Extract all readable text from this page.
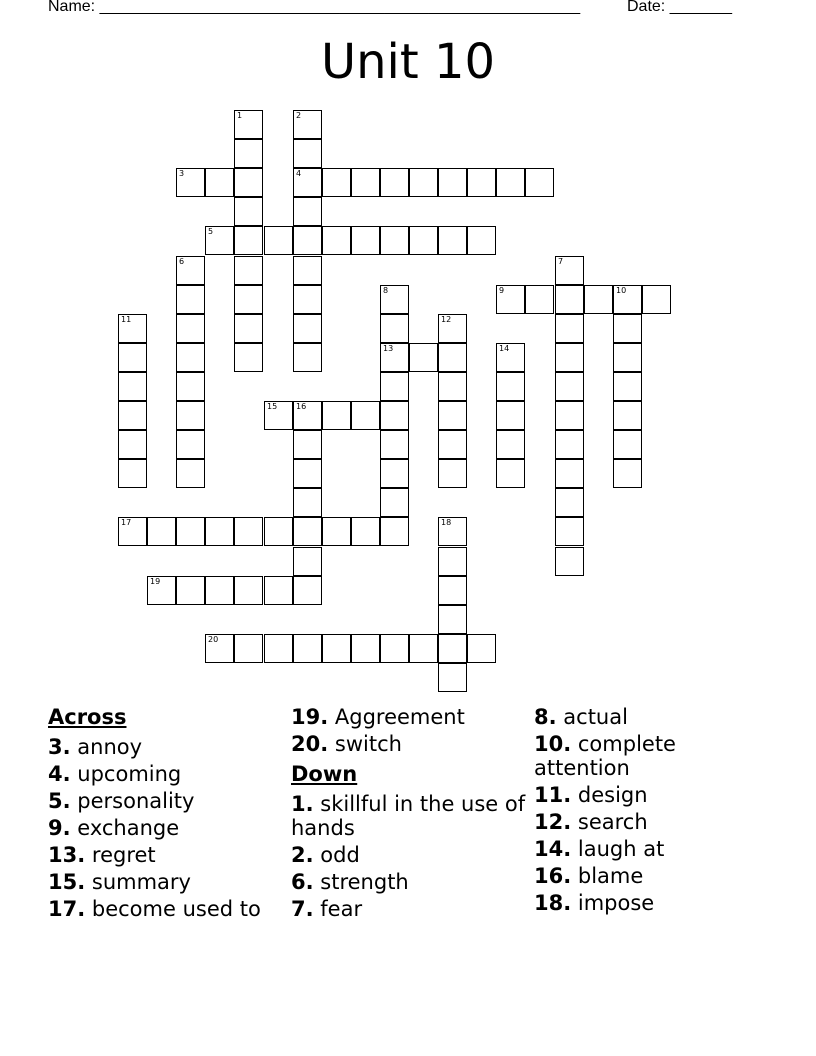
Name: ______________________________________________________	Date: _______
Unit 10
1	2
4
3
5
6	7
8
13
9	10
11	12
14
15 16
17	18
19
20
Across
3. annoy
4. upcoming
5. personality
9. exchange
13. regret
15. summary
17. become used to
19. Aggreement
20. switch
Down
1. skillful in the use of hands
2. odd
6. strength
7. fear
8. actual
10. complete attention
11. design
12. search
14. laugh at
16. blame
18. impose
